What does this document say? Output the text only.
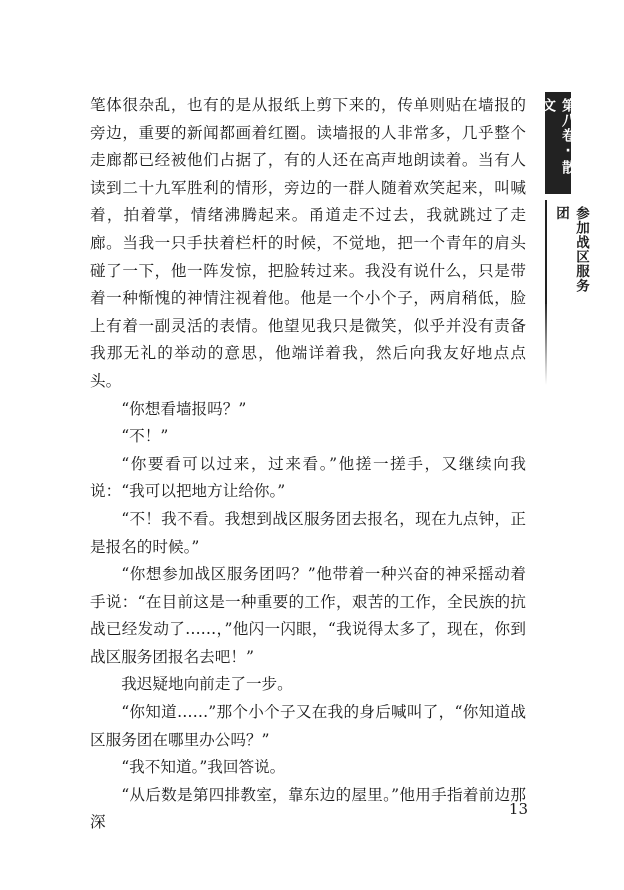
笔体很杂乱，也有的是从报纸上剪下来的，传单则贴在墙报的旁边，重要的新闻都画着红圈。读墙报的人非常多，几乎整个走廊都已经被他们占据了，有的人还在高声地朗读着。当有人读到二十九军胜利的情形，旁边的一群人随着欢笑起来，叫喊着，拍着掌，情绪沸腾起来。甬道走不过去，我就跳过了走廊。当我一只手扶着栏杆的时候，不觉地，把一个青年的肩头碰了一下，他一阵发惊，把脸转过来。我没有说什么，只是带着一种惭愧的神情注视着他。他是一个小个子，两肩稍低，脸上有着一副灵活的表情。他望见我只是微笑，似乎并没有责备我那无礼的举动的意思，他端详着我，然后向我友好地点点头。

“你想看墙报吗？”

“不！”

“你要看可以过来，过来看。”他搓一搓手，又继续向我说：“我可以把地方让给你。”

“不！我不看。我想到战区服务团去报名，现在九点钟，正是报名的时候。”

“你想参加战区服务团吗？”他带着一种兴奋的神采摇动着手说：“在目前这是一种重要的工作，艰苦的工作，全民族的抗战已经发动了……，”他闪一闪眼，“我说得太多了，现在，你到战区服务团报名去吧！”

我迟疑地向前走了一步。

“你知道……”那个小个子又在我的身后喊叫了，“你知道战区服务团在哪里办公吗？”

“我不知道。”我回答说。

“从后数是第四排教室，靠东边的屋里。”他用手指着前边那深

第八卷·散文
参加战区服务团
13
